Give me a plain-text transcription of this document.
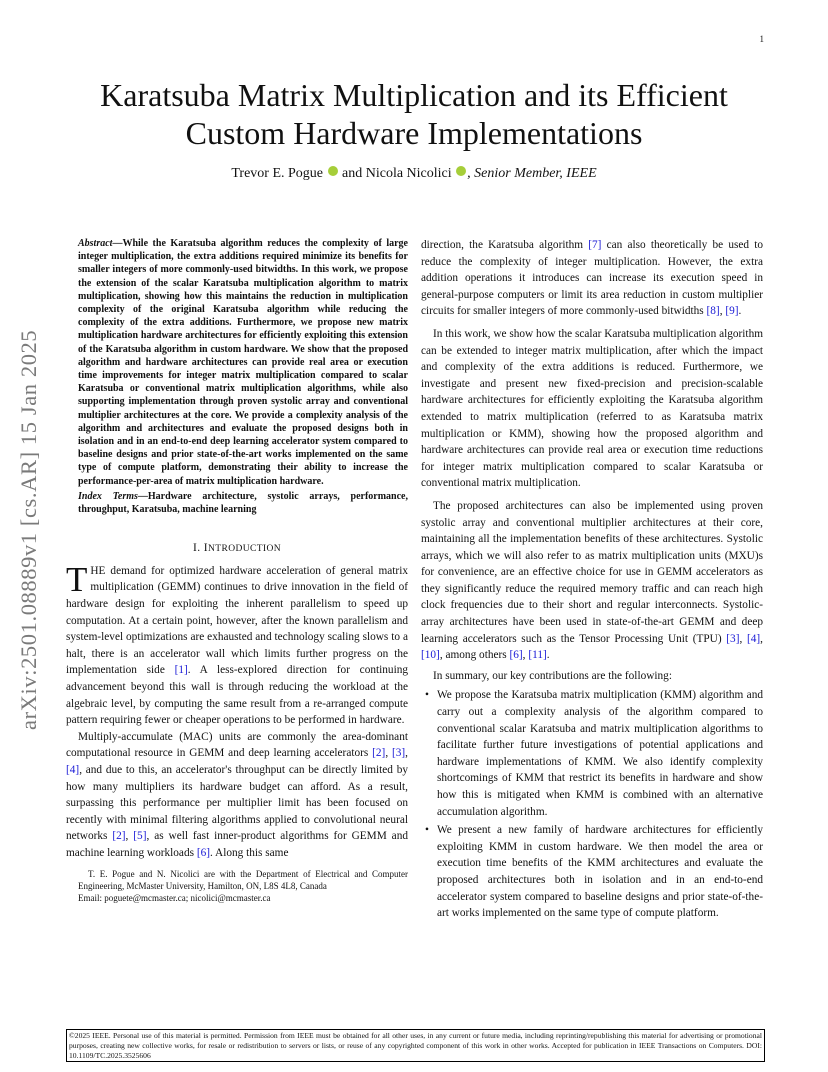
1
arXiv:2501.08889v1 [cs.AR] 15 Jan 2025
Karatsuba Matrix Multiplication and its Efficient Custom Hardware Implementations
Trevor E. Pogue and Nicola Nicolici , Senior Member, IEEE

Abstract—While the Karatsuba algorithm reduces the complexity of large integer multiplication, the extra additions required minimize its benefits for smaller integers of more commonly-used bitwidths. In this work, we propose the extension of the scalar Karatsuba multiplication algorithm to matrix multiplication, showing how this maintains the reduction in multiplication complexity of the original Karatsuba algorithm while reducing the complexity of the extra additions. Furthermore, we propose new matrix multiplication hardware architectures for efficiently exploiting this extension of the Karatsuba algorithm in custom hardware. We show that the proposed algorithm and hardware architectures can provide real area or execution time improvements for integer matrix multiplication compared to scalar Karatsuba or conventional matrix multiplication algorithms, while also supporting implementation through proven systolic array and conventional multiplier architectures at the core. We provide a complexity analysis of the algorithm and architectures and evaluate the proposed designs both in isolation and in an end-to-end deep learning accelerator system compared to baseline designs and prior state-of-the-art works implemented on the same type of compute platform, demonstrating their ability to increase the performance-per-area of matrix multiplication hardware.

Index Terms—Hardware architecture, systolic arrays, performance, throughput, Karatsuba, machine learning

I. INTRODUCTION

THE demand for optimized hardware acceleration of general matrix multiplication (GEMM) continues to drive innovation in the field of hardware design for exploiting the inherent parallelism to speed up computation. At a certain point, however, after the known parallelism and system-level optimizations are exhausted and technology scaling slows to a halt, there is an accelerator wall which limits further progress on the implementation side [1]. A less-explored direction for continuing advancement beyond this wall is through reducing the workload at the algebraic level, by computing the same result from a re-arranged compute pattern requiring fewer or cheaper operations to be performed in hardware.

Multiply-accumulate (MAC) units are commonly the area-dominant computational resource in GEMM and deep learning accelerators [2], [3], [4], and due to this, an accelerator's throughput can be directly limited by how many multipliers its hardware budget can afford. As a result, surpassing this performance per multiplier limit has been focused on recently with minimal filtering algorithms applied to convolutional neural networks [2], [5], as well fast inner-product algorithms for GEMM and machine learning workloads [6]. Along this same

T. E. Pogue and N. Nicolici are with the Department of Electrical and Computer Engineering, McMaster University, Hamilton, ON, L8S 4L8, Canada
Email: poguete@mcmaster.ca; nicolici@mcmaster.ca

direction, the Karatsuba algorithm [7] can also theoretically be used to reduce the complexity of integer multiplication. However, the extra addition operations it introduces can increase its execution speed in general-purpose computers or limit its area reduction in custom multiplier circuits for smaller integers of more commonly-used bitwidths [8], [9].

In this work, we show how the scalar Karatsuba multiplication algorithm can be extended to integer matrix multiplication, after which the impact and complexity of the extra additions is reduced. Furthermore, we investigate and present new fixed-precision and precision-scalable hardware architectures for efficiently exploiting the Karatsuba algorithm extended to matrix multiplication (referred to as Karatsuba matrix multiplication or KMM), showing how the proposed algorithm and hardware architectures can provide real area or execution time reductions for integer matrix multiplication compared to scalar Karatsuba or conventional matrix multiplication.

The proposed architectures can also be implemented using proven systolic array and conventional multiplier architectures at their core, maintaining all the implementation benefits of these architectures. Systolic arrays, which we will also refer to as matrix multiplication units (MXU)s for convenience, are an effective choice for use in GEMM accelerators as they significantly reduce the required memory traffic and can reach high clock frequencies due to their short and regular interconnects. Systolic-array architectures have been used in state-of-the-art GEMM and deep learning accelerators such as the Tensor Processing Unit (TPU) [3], [4], [10], among others [6], [11].

In summary, our key contributions are the following:

• We propose the Karatsuba matrix multiplication (KMM) algorithm and carry out a complexity analysis of the algorithm compared to conventional scalar Karatsuba and matrix multiplication algorithms to facilitate further future investigations of potential applications and hardware implementations of KMM. We also identify complexity shortcomings of KMM that restrict its benefits in hardware and show how this is mitigated when KMM is combined with an alternative accumulation algorithm.
• We present a new family of hardware architectures for efficiently exploiting KMM in custom hardware. We then model the area or execution time benefits of the KMM architectures and evaluate the proposed architectures both in isolation and in an end-to-end accelerator system compared to baseline designs and prior state-of-the-art works implemented on the same type of compute platform.
©2025 IEEE. Personal use of this material is permitted. Permission from IEEE must be obtained for all other uses, in any current or future media, including reprinting/republishing this material for advertising or promotional purposes, creating new collective works, for resale or redistribution to servers or lists, or reuse of any copyrighted component of this work in other works. Accepted for publication in IEEE Transactions on Computers. DOI: 10.1109/TC.2025.3525606
